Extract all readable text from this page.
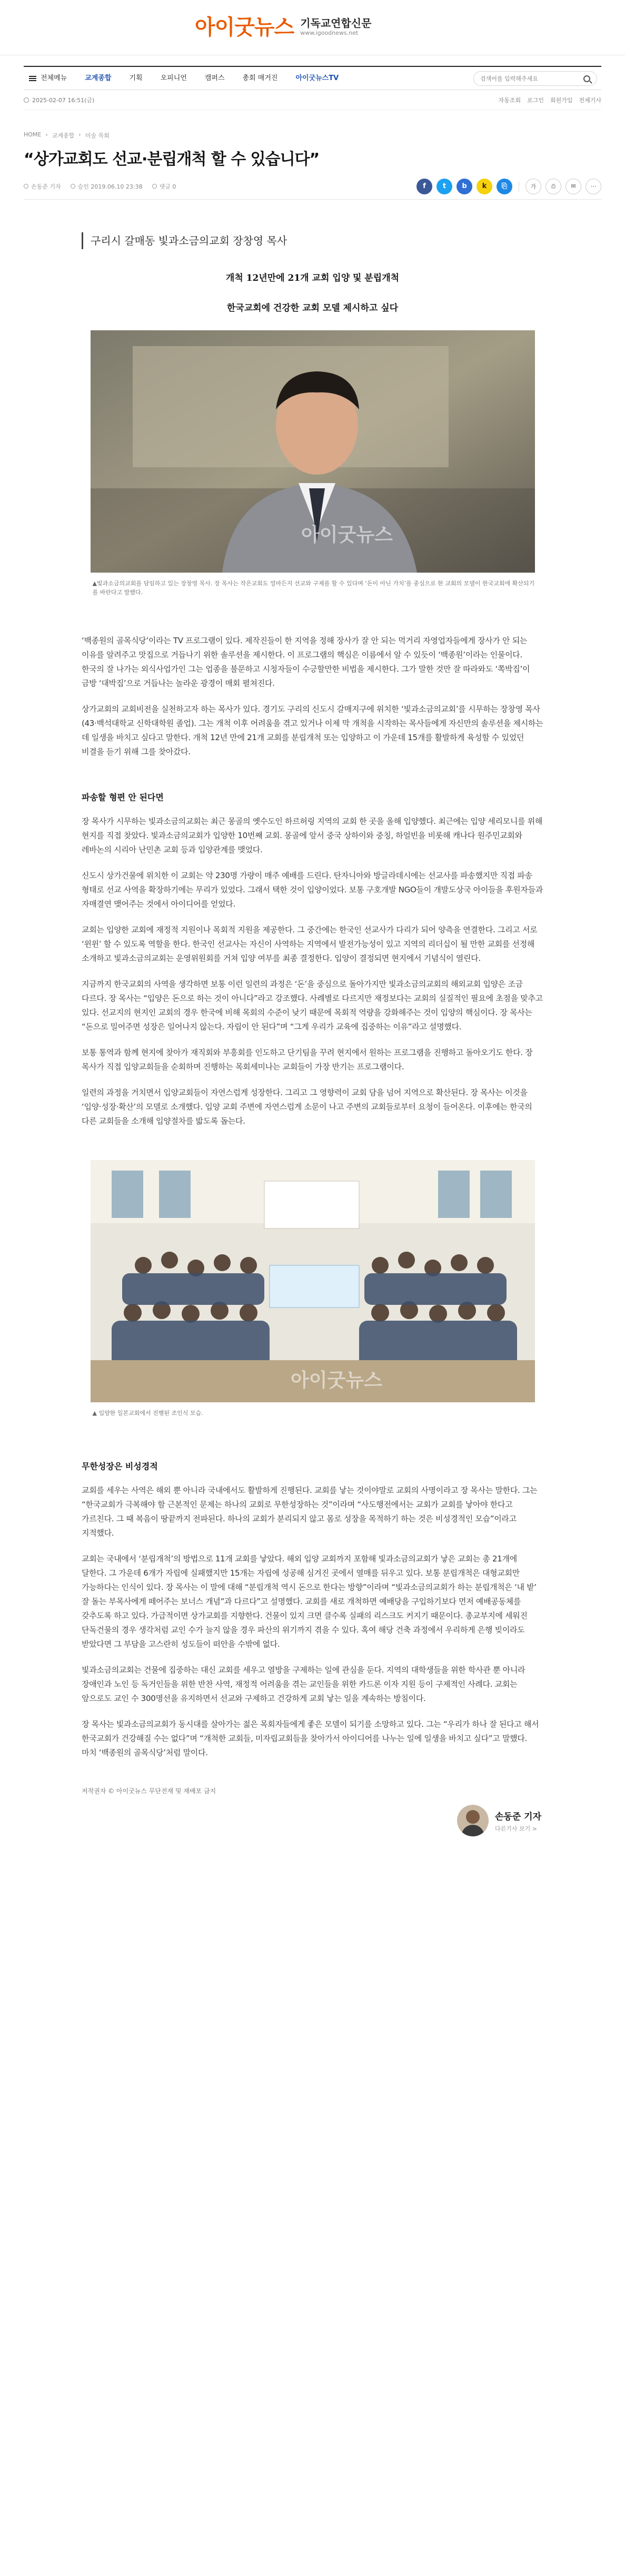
아이굿뉴스 기독교연합신문
www.igoodnews.net
전체메뉴	교계종합	기획	오피니언	캠퍼스	총회 매거진	아이굿뉴스TV
검색어를 입력해주세요
2025-02-07 16:51(금)	자동조회 로그인 회원가입 전체기사
HOME › 교계종합 › 미술 목회
“상가교회도 선교·분립개척 할 수 있습니다”
손동준 기자	승인 2019.06.10 23:38	댓글 0	f	t	b	k	⎘	가	⎙	✉	⋯
구리시 갈매동 빛과소금의교회 장창영 목사

개척 12년만에 21개 교회 입양 및 분립개척

한국교회에 건강한 교회 모델 제시하고 싶다

아이굿뉴스
▲빛과소금의교회를 담임하고 있는 장창영 목사. 장 목사는 작은교회도 얼마든지 선교와 구제를 할 수 있다며 ‘돈이 아닌 가치’를 중심으로 한 교회의 모델이 한국교회에 확산되기를 바란다고 말했다.

‘백종원의 골목식당’이라는 TV 프로그램이 있다. 제작진들이 한 지역을 정해 장사가 잘 안 되는 먹거리 자영업자들에게 장사가 안 되는 이유를 알려주고 맛집으로 거듭나기 위한 솔루션을 제시한다. 이 프로그램의 핵심은 이름에서 알 수 있듯이 ‘백종원’이라는 인물이다. 한국의 잘 나가는 외식사업가인 그는 업종을 불문하고 시청자들이 수긍할만한 비법을 제시한다. 그가 말한 것만 잘 따라와도 ‘쪽박집’이 금방 ‘대박집’으로 거듭나는 놀라운 광경이 매회 펼쳐진다.

상가교회의 교회비전을 실천하고자 하는 목사가 있다. 경기도 구리의 신도시 갈매지구에 위치한 ‘빛과소금의교회’를 시무하는 장창영 목사(43·백석대학교 신학대학원 졸업). 그는 개척 이후 어려움을 겪고 있거나 이제 막 개척을 시작하는 목사들에게 자신만의 솔루션을 제시하는 데 일생을 바치고 싶다고 말한다. 개척 12년 만에 21개 교회를 분립개척 또는 입양하고 이 가운데 15개를 활발하게 육성할 수 있었던 비결을 듣기 위해 그를 찾아갔다.

파송할 형편 안 된다면

장 목사가 시무하는 빛과소금의교회는 최근 몽골의 옛수도인 하르허링 지역의 교회 한 곳을 올해 입양했다. 최근에는 입양 세리모니를 위해 현지를 직접 찾았다. 빛과소금의교회가 입양한 10번째 교회. 몽골에 앞서 중국 상하이와 중칭, 하얼빈을 비롯해 캐나다 원주민교회와 레바논의 시리아 난민촌 교회 등과 입양관계를 맺었다.

신도시 상가건물에 위치한 이 교회는 약 230명 가량이 매주 예배를 드린다. 탄자니아와 방글라데시에는 선교사를 파송했지만 직접 파송 형태로 선교 사역을 확장하기에는 무리가 있었다. 그래서 택한 것이 입양이었다. 보통 구호개발 NGO들이 개발도상국 아이들을 후원자들과 자매결연 맺어주는 것에서 아이디어를 얻었다.

교회는 입양한 교회에 재정적 지원이나 목회적 지원을 제공한다. 그 중간에는 한국인 선교사가 다리가 되어 양측을 연결한다. 그리고 서로 ‘윈윈’ 할 수 있도록 역할을 한다. 한국인 선교사는 자신이 사역하는 지역에서 발전가능성이 있고 지역의 리더십이 될 만한 교회를 선정해 소개하고 빛과소금의교회는 운영위원회를 거쳐 입양 여부를 최종 결정한다. 입양이 결정되면 현지에서 기념식이 열린다.

지금까지 한국교회의 사역을 생각하면 보통 이런 일련의 과정은 ‘돈’을 중심으로 돌아가지만 빛과소금의교회의 해외교회 입양은 조금 다르다. 장 목사는 “입양은 돈으로 하는 것이 아니다”라고 강조했다. 사례별로 다르지만 재정보다는 교회의 실질적인 필요에 초점을 맞추고 있다. 선교지의 현지인 교회의 경우 한국에 비해 목회의 수준이 낮기 때문에 목회적 역량을 강화해주는 것이 입양의 핵심이다. 장 목사는 “돈으로 밀어주면 성장은 일어나지 않는다. 자립이 안 된다”며 “그게 우리가 교육에 집중하는 이유”라고 설명했다.

보통 통역과 함께 현지에 찾아가 재직회와 부흥회를 인도하고 단기팀을 꾸려 현지에서 원하는 프로그램을 진행하고 돌아오기도 한다. 장 목사가 직접 입양교회들을 순회하며 진행하는 목회세미나는 교회들이 가장 반기는 프로그램이다.

일련의 과정을 거치면서 입양교회들이 자연스럽게 성장한다. 그리고 그 영향력이 교회 담을 넘어 지역으로 확산된다. 장 목사는 이것을 ‘입양·성장·확산’의 모델로 소개했다. 입양 교회 주변에 자연스럽게 소문이 나고 주변의 교회들로부터 요청이 들어온다. 이후에는 한국의 다른 교회들을 소개해 입양절차를 밟도록 돕는다.

아이굿뉴스
▲ 입양한 일본교회에서 진행된 조인식 모습.
무한성장은 비성경적

교회를 세우는 사역은 해외 뿐 아니라 국내에서도 활발하게 진행된다. 교회를 낳는 것이야말로 교회의 사명이라고 장 목사는 말한다. 그는 “한국교회가 극복해야 할 근본적인 문제는 하나의 교회로 무한성장하는 것”이라며 “사도행전에서는 교회가 교회를 낳아야 한다고 가르친다. 그 때 복음이 땅끝까지 전파된다. 하나의 교회가 분리되지 않고 몸로 성장을 목적하기 하는 것은 비성경적인 모습”이라고 지적했다.

교회는 국내에서 ‘분립개척’의 방법으로 11개 교회를 낳았다. 해외 입양 교회까지 포함해 빛과소금의교회가 낳은 교회는 총 21개에 달한다. 그 가운데 6개가 자립에 실패했지만 15개는 자립에 성공해 심겨진 곳에서 열매를 뒤우고 있다. 보통 분립개척은 대형교회만 가능하다는 인식이 있다. 장 목사는 이 말에 대해 “분립개척 역시 돈으로 한다는 방향”이라며 “빛과소금의교회가 하는 분립개척은 ‘내 밭’ 잘 돌는 부목사에게 떼어주는 보너스 개념”과 다르다”고 설명했다. 교회를 새로 개척하면 예배당을 구입하기보다 먼저 예배공동체를 갖추도록 하고 있다. 가급적이면 상가교회를 지향한다. 건물이 있지 크면 클수록 실패의 리스크도 커지기 때문이다. 총교부지에 세워진 단독건물의 경우 생각처럼 교인 수가 늘지 않을 경우 파산의 위기까지 겪을 수 있다. 혹여 해당 건축 과정에서 우리하게 은행 빚이라도 받았다면 그 부담을 고스란히 성도들이 떠안을 수밖에 없다.

빛과소금의교회는 건물에 집중하는 대신 교회를 세우고 열방을 구제하는 일에 관심을 둔다. 지역의 대학생들을 위한 학사관 뿐 아니라 장애인과 노인 등 독거인들을 위한 반찬 사역, 재정적 어려움을 겪는 교인들을 위한 카드론 이자 지원 등이 구제적인 사례다. 교회는 앞으로도 교인 수 300명선을 유지하면서 선교와 구제하고 건강하게 교회 낳는 일을 계속하는 방침이다.

장 목사는 빛과소금의교회가 동시대를 살아가는 젊은 목회자들에게 좋은 모델이 되기를 소망하고 있다. 그는 “우리가 하나 잘 된다고 해서 한국교회가 건강해질 수는 없다”며 “개척한 교회들, 미자립교회들을 찾아가서 아이디어를 나누는 일에 일생을 바치고 싶다”고 말했다. 마치 ‘백종원의 골목식당’처럼 말이다.

저작권자 © 아이굿뉴스 무단전재 및 재배포 금지
손동준 기자
다른기사 보기 >
